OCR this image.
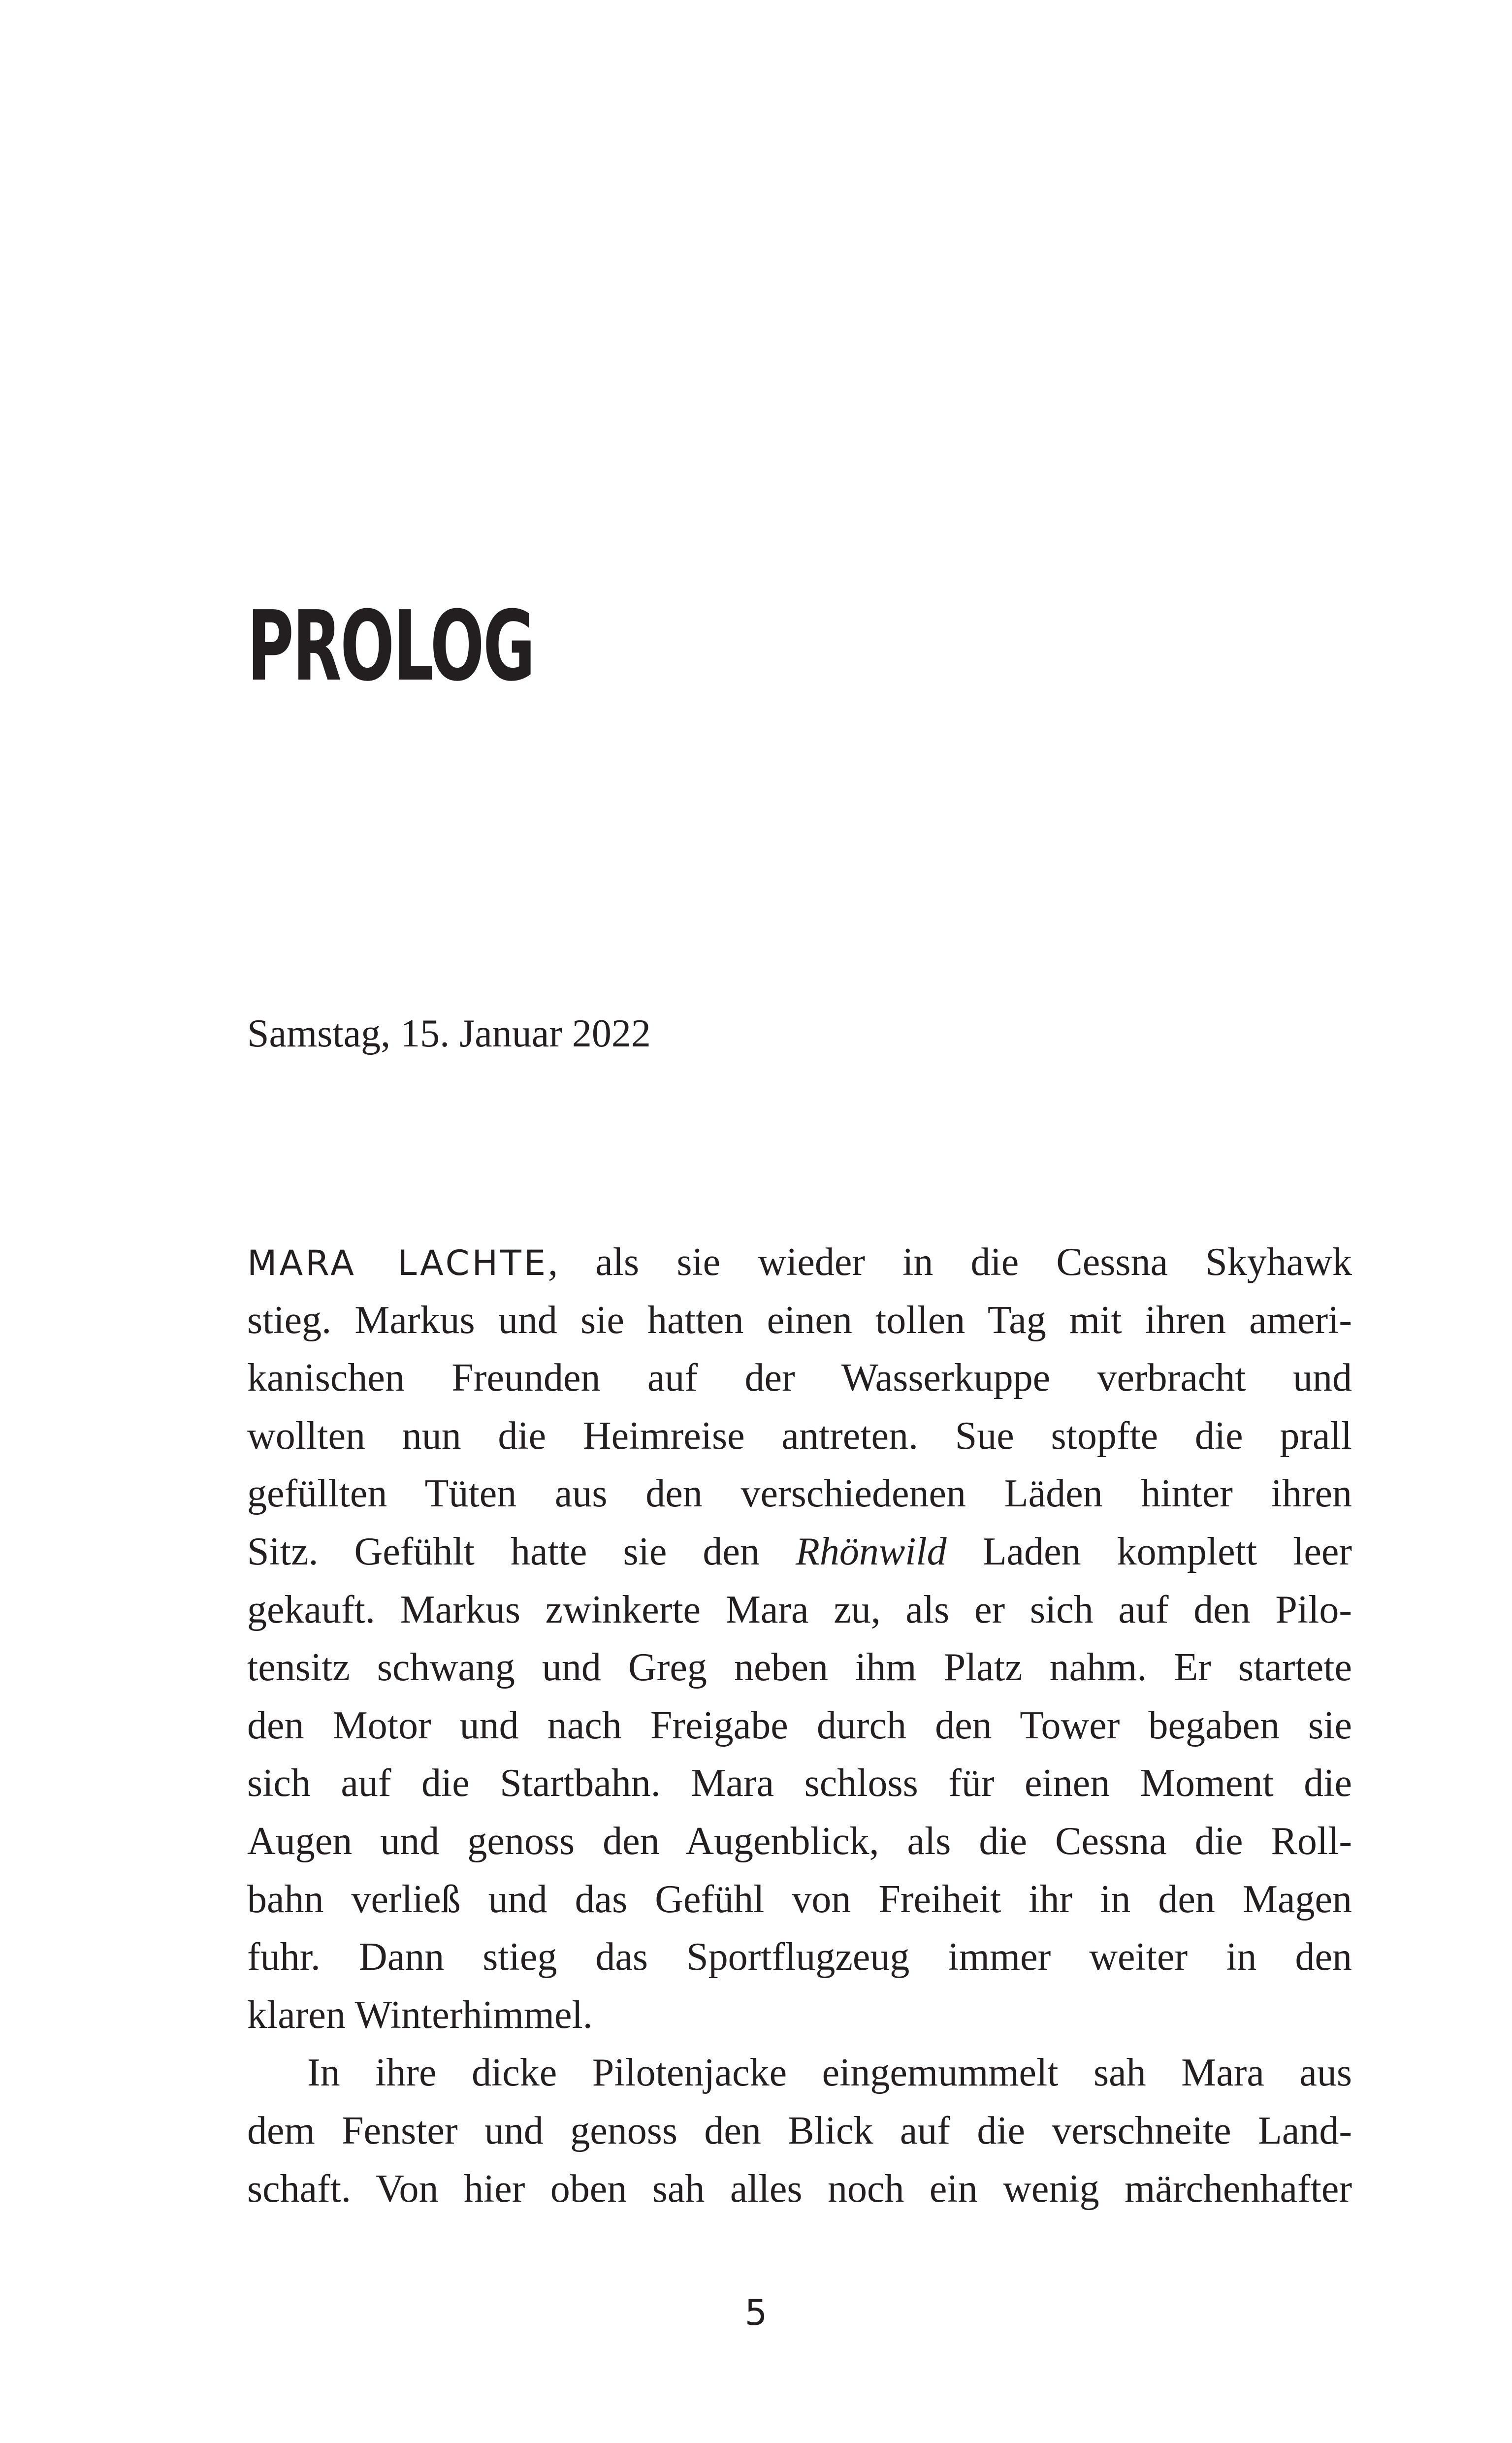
PROLOG

Samstag, 15. Januar 2022

MARA LACHTE, als sie wieder in die Cessna Skyhawk
stieg. Markus und sie hatten einen tollen Tag mit ihren ameri-
kanischen Freunden auf der Wasserkuppe verbracht und
wollten nun die Heimreise antreten. Sue stopfte die prall
gefüllten Tüten aus den verschiedenen Läden hinter ihren
Sitz. Gefühlt hatte sie den Rhönwild Laden komplett leer
gekauft. Markus zwinkerte Mara zu, als er sich auf den Pilo-
tensitz schwang und Greg neben ihm Platz nahm. Er startete
den Motor und nach Freigabe durch den Tower begaben sie
sich auf die Startbahn. Mara schloss für einen Moment die
Augen und genoss den Augenblick, als die Cessna die Roll-
bahn verließ und das Gefühl von Freiheit ihr in den Magen
fuhr. Dann stieg das Sportflugzeug immer weiter in den
klaren Winterhimmel.
In ihre dicke Pilotenjacke eingemummelt sah Mara aus
dem Fenster und genoss den Blick auf die verschneite Land-
schaft. Von hier oben sah alles noch ein wenig märchenhafter
5
